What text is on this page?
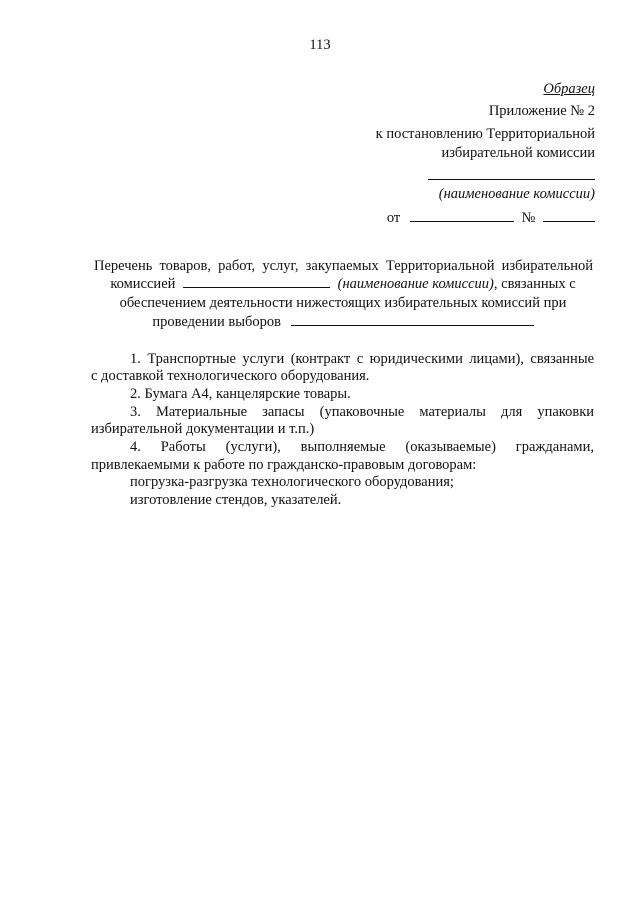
113
Образец
Приложение № 2
к постановлению Территориальной
избирательной комиссии
(наименование комиссии)
от	№
Перечень товаров, работ, услуг, закупаемых Территориальной избирательной
комиссией	(наименование комиссии), связанных с
обеспечением деятельности нижестоящих избирательных комиссий при
проведении выборов
1. Транспортные услуги (контракт с юридическими лицами), связанные
с доставкой технологического оборудования.
2. Бумага А4, канцелярские товары.
3. Материальные запасы (упаковочные материалы для упаковки
избирательной документации и т.п.)
4. Работы (услуги), выполняемые (оказываемые) гражданами,
привлекаемыми к работе по гражданско-правовым договорам:
погрузка-разгрузка технологического оборудования;
изготовление стендов, указателей.
